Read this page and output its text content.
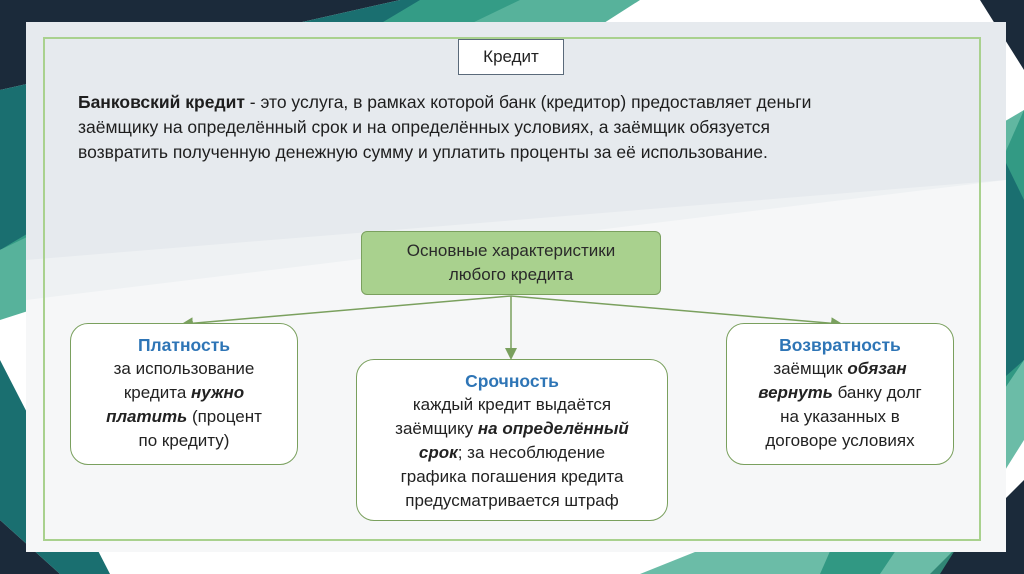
Кредит
Банковский кредит - это услуга, в рамках которой банк (кредитор) предоставляет деньги
заёмщику на определённый срок и на определённых условиях, а заёмщик обязуется
возвратить полученную денежную сумму и уплатить проценты за её использование.
Основные характеристики
любого кредита
Платность
за использование
кредита нужно
платить (процент
по кредиту)
Срочность
каждый кредит выдаётся
заёмщику на определённый
срок; за несоблюдение
графика погашения кредита
предусматривается штраф
Возвратность
заёмщик обязан
вернуть банку долг
на указанных в
договоре условиях
